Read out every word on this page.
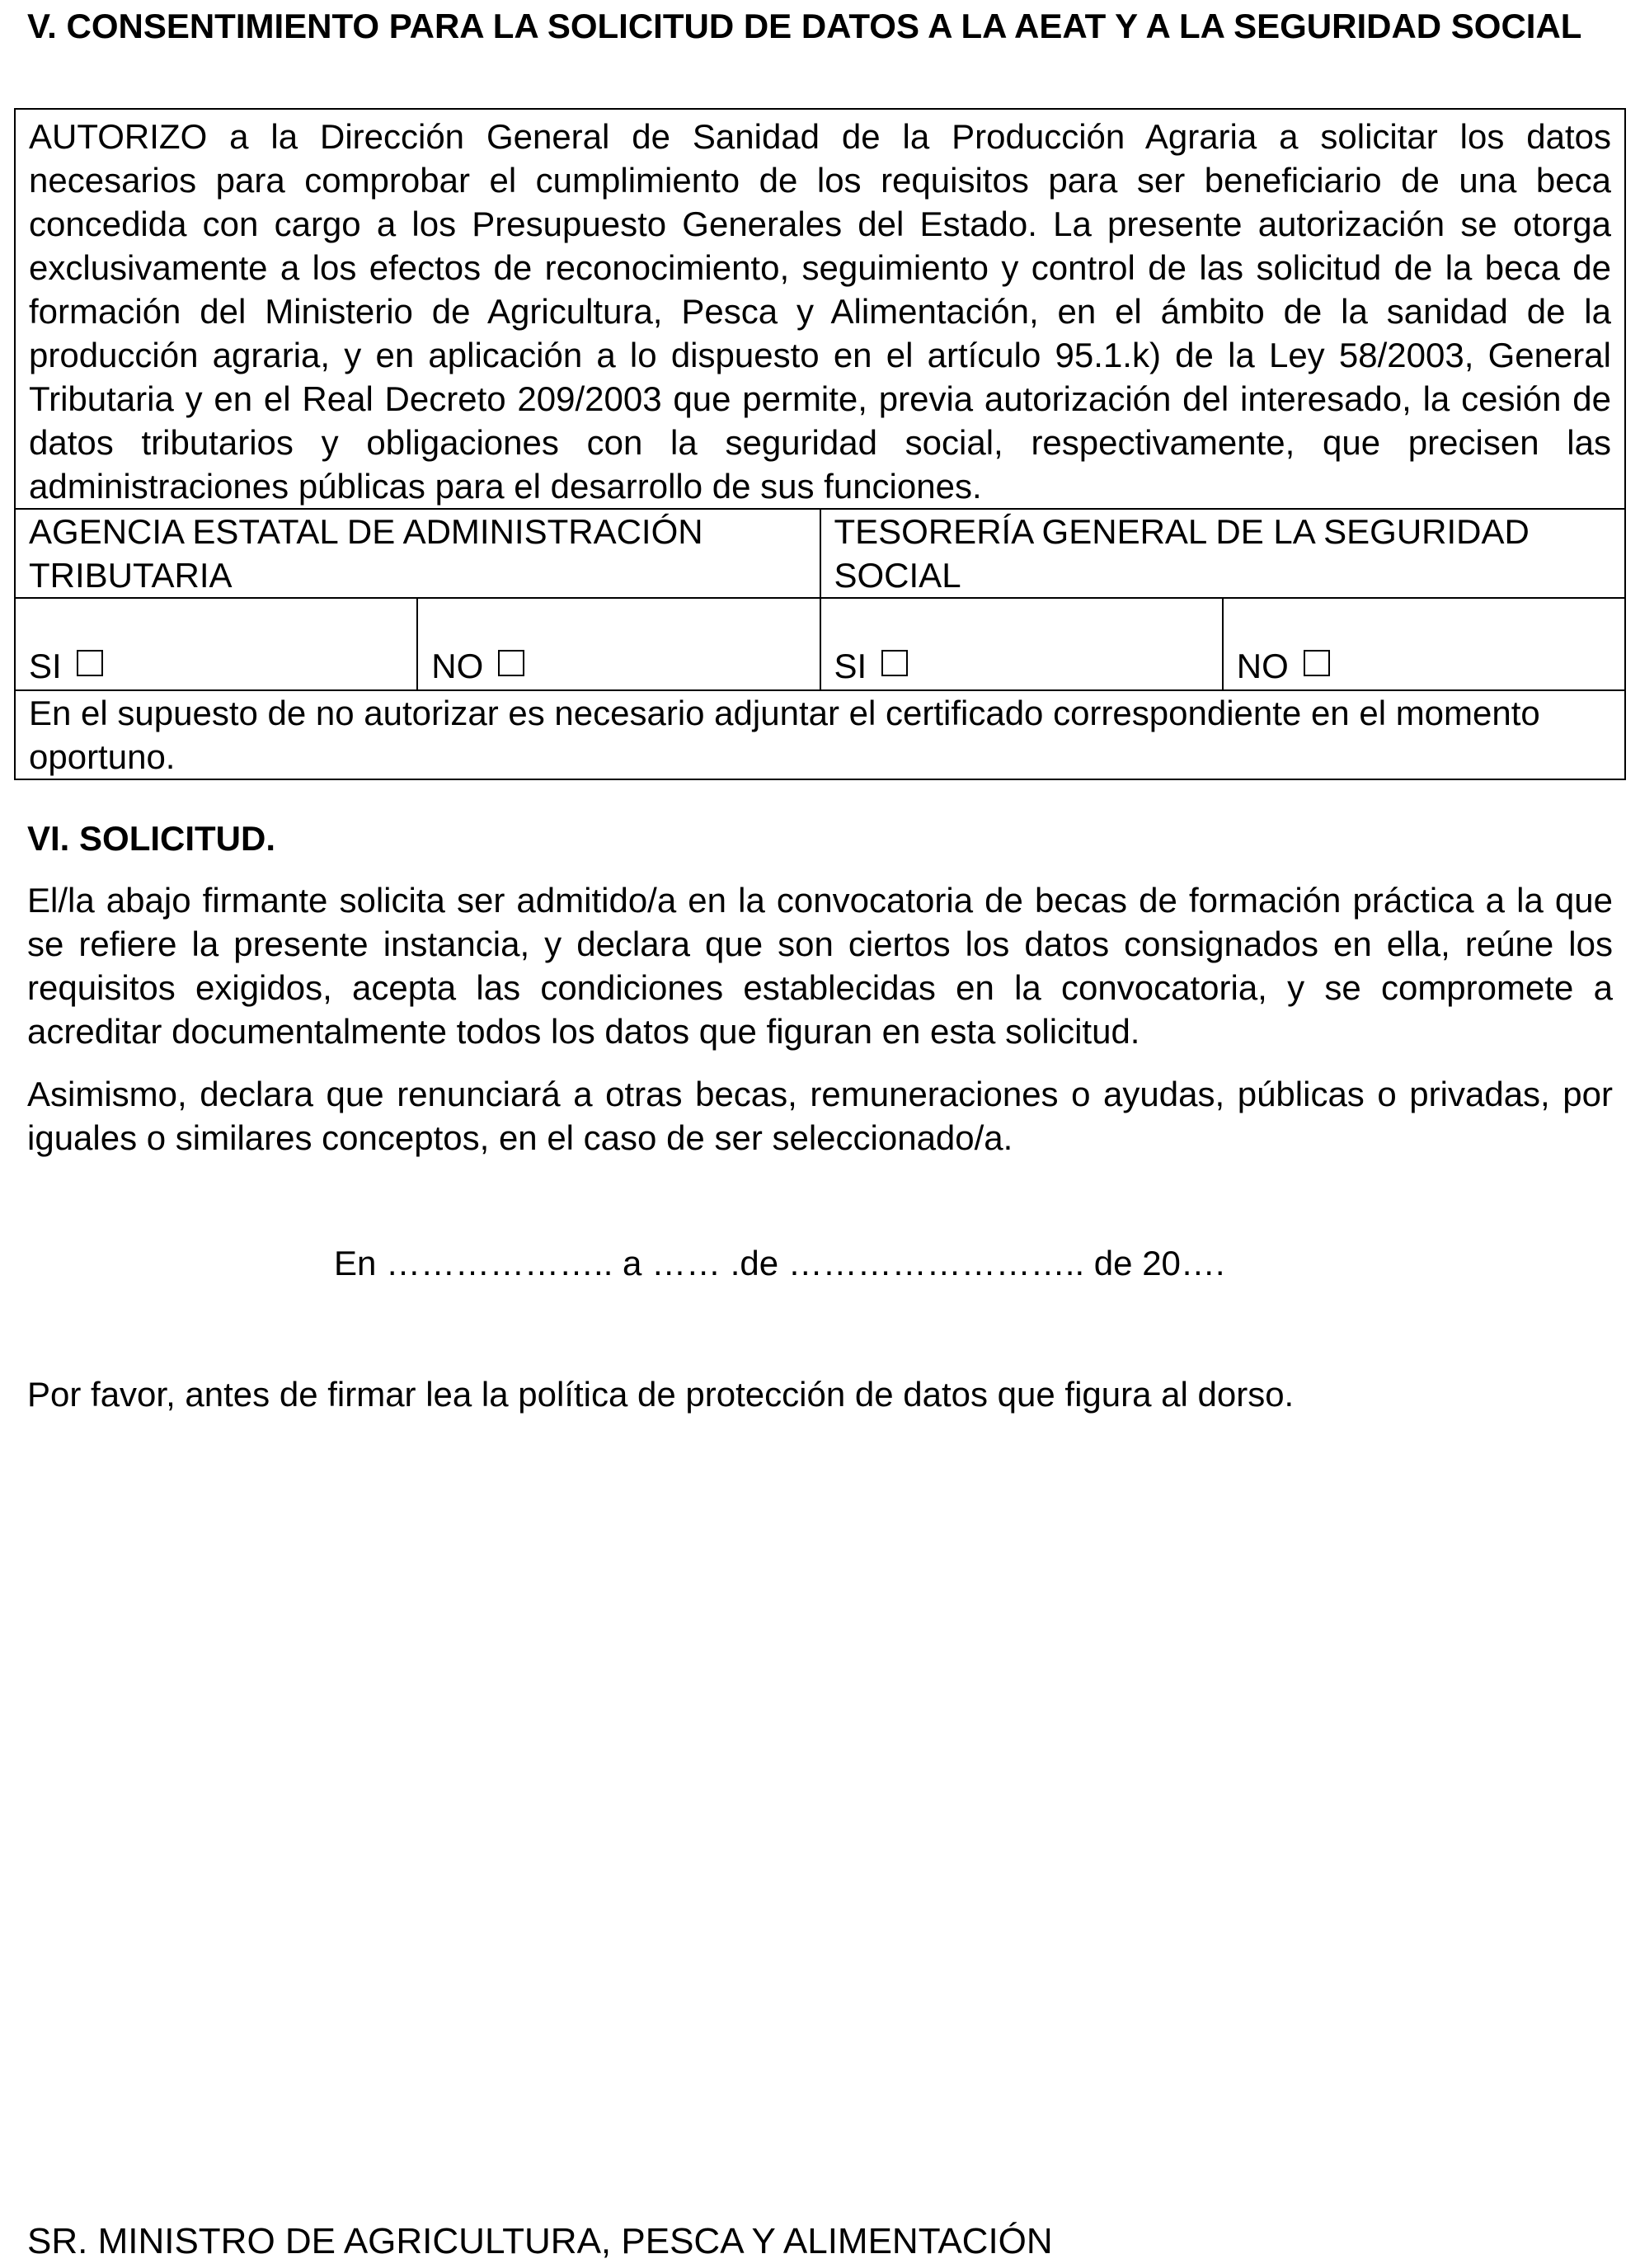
V. CONSENTIMIENTO PARA LA SOLICITUD DE DATOS A LA AEAT Y A LA SEGURIDAD SOCIAL
AUTORIZO a la Dirección General de Sanidad de la Producción Agraria a solicitar los datos necesarios para comprobar el cumplimiento de los requisitos para ser beneficiario de una beca concedida con cargo a los Presupuesto Generales del Estado. La presente autorización se otorga exclusivamente a los efectos de reconocimiento, seguimiento y control de las solicitud de la beca de formación del Ministerio de Agricultura, Pesca y Alimentación, en el ámbito de la sanidad de la producción agraria, y en aplicación a lo dispuesto en el artículo 95.1.k) de la Ley 58/2003, General Tributaria y en el Real Decreto 209/2003 que permite, previa autorización del interesado, la cesión de datos tributarios y obligaciones con la seguridad social, respectivamente, que precisen las administraciones públicas para el desarrollo de sus funciones.			
AGENCIA ESTATAL DE ADMINISTRACIÓN TRIBUTARIA		TESORERÍA GENERAL DE LA SEGURIDAD SOCIAL	
SI	NO	SI	NO
En el supuesto de no autorizar es necesario adjuntar el certificado correspondiente en el momento oportuno.			
VI. SOLICITUD.

El/la abajo firmante solicita ser admitido/a en la convocatoria de becas de formación práctica a la que se refiere la presente instancia, y declara que son ciertos los datos consignados en ella, reúne los requisitos exigidos, acepta las condiciones establecidas en la convocatoria, y se compromete a acreditar documentalmente todos los datos que figuran en esta solicitud.

Asimismo, declara que renunciará a otras becas, remuneraciones o ayudas, públicas o privadas, por iguales o similares conceptos, en el caso de ser seleccionado/a.

En ……………….. a …… .de …………………….. de 20….
Por favor, antes de firmar lea la política de protección de datos que figura al dorso.
SR. MINISTRO DE AGRICULTURA, PESCA Y ALIMENTACIÓN
